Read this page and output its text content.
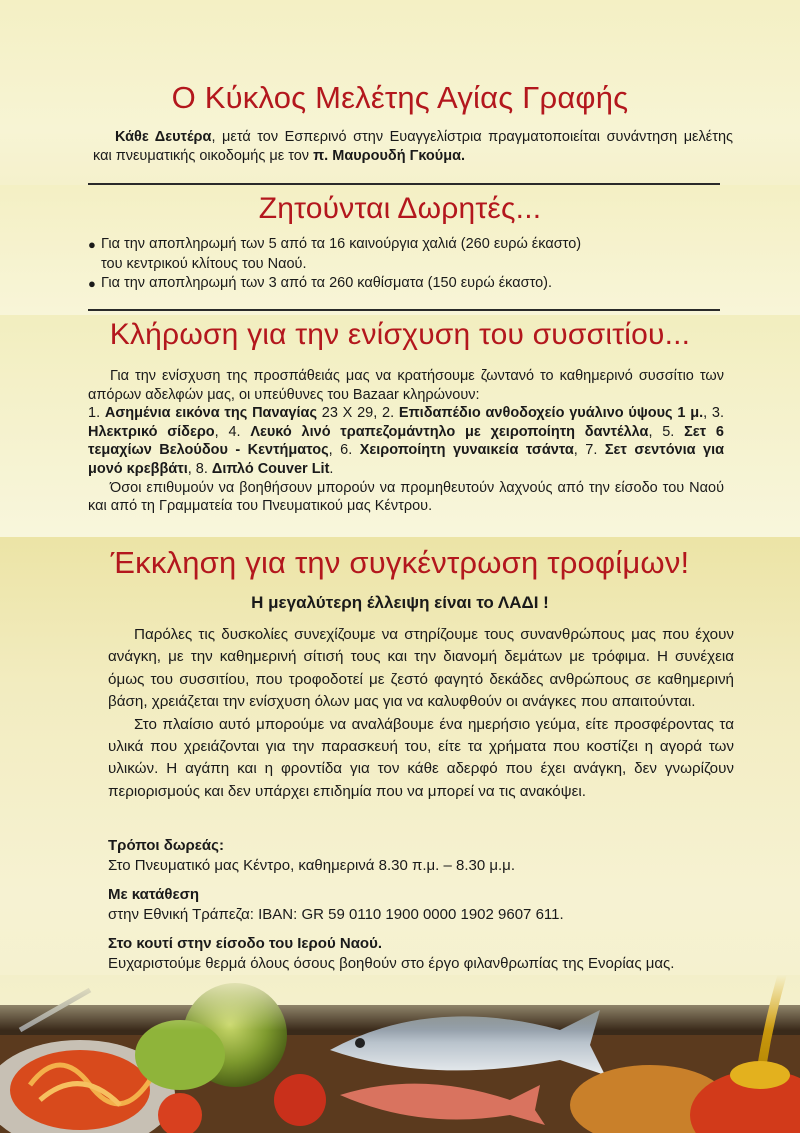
Ο Κύκλος Μελέτης Αγίας Γραφής
Κάθε Δευτέρα, μετά τον Εσπερινό στην Ευαγγελίστρια πραγματοποιείται συνάντηση μελέτης και πνευματικής οικοδομής με τον π. Μαυρουδή Γκούμα.
Ζητούνται Δωρητές...
● Για την αποπληρωμή των 5 από τα 16 καινούργια χαλιά (260 ευρώ έκαστο)
του κεντρικού κλίτους του Ναού.
● Για την αποπληρωμή των 3 από τα 260 καθίσματα (150 ευρώ έκαστο).
Κλήρωση για την ενίσχυση του συσσιτίου...
Για την ενίσχυση της προσπάθειάς μας να κρατήσουμε ζωντανό το καθημερινό συσσίτιο των απόρων αδελφών μας, οι υπεύθυνες του Bazaar κληρώνουν:
1. Ασημένια εικόνα της Παναγίας 23 Χ 29, 2. Επιδαπέδιο ανθοδοχείο γυάλινο ύψους 1 μ., 3. Ηλεκτρικό σίδερο, 4. Λευκό λινό τραπεζομάντηλο με χειροποίητη δαντέλλα, 5. Σετ 6 τεμαχίων Βελούδου - Κεντήματος, 6. Χειροποίητη γυναικεία τσάντα, 7. Σετ σεντόνια για μονό κρεββάτι, 8. Διπλό Couver Lit.
Όσοι επιθυμούν να βοηθήσουν μπορούν να προμηθευτούν λαχνούς από την είσοδο του Ναού και από τη Γραμματεία του Πνευματικού μας Κέντρου.
Έκκληση για την συγκέντρωση τροφίμων!
Η μεγαλύτερη έλλειψη είναι το ΛΑΔΙ !

Παρόλες τις δυσκολίες συνεχίζουμε να στηρίζουμε τους συνανθρώπους μας που έχουν ανάγκη, με την καθημερινή σίτισή τους και την διανομή δεμάτων με τρόφιμα. Η συνέχεια όμως του συσσιτίου, που τροφοδοτεί με ζεστό φαγητό δεκάδες ανθρώπους σε καθημερινή βάση, χρειάζεται την ενίσχυση όλων μας για να καλυφθούν οι ανάγκες που απαιτούνται.

Στο πλαίσιο αυτό μπορούμε να αναλάβουμε ένα ημερήσιο γεύμα, είτε προσφέροντας τα υλικά που χρειάζονται για την παρασκευή του, είτε τα χρήματα που κοστίζει η αγορά των υλικών. Η αγάπη και η φροντίδα για τον κάθε αδερφό που έχει ανάγκη, δεν γνωρίζουν περιορισμούς και δεν υπάρχει επιδημία που να μπορεί να τις ανακόψει.

Τρόποι δωρεάς:
Στο Πνευματικό μας Κέντρο, καθημερινά 8.30 π.μ. – 8.30 μ.μ.
Με κατάθεση
στην Εθνική Τράπεζα: IBAN: GR 59 0110 1900 0000 1902 9607 611.
Στο κουτί στην είσοδο του Ιερού Ναού.
Ευχαριστούμε θερμά όλους όσους βοηθούν στο έργο φιλανθρωπίας της Ενορίας μας.
